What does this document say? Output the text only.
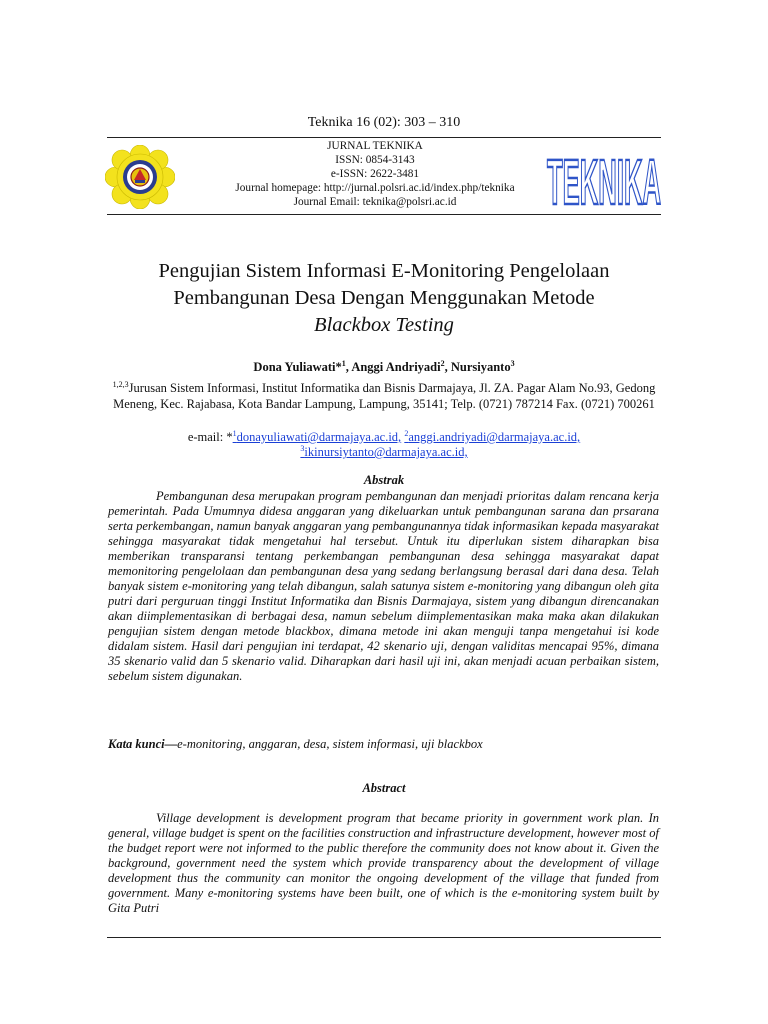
Teknika 16 (02): 303 – 310
JURNAL TEKNIKA
ISSN: 0854-3143
e-ISSN: 2622-3481
Journal homepage: http://jurnal.polsri.ac.id/index.php/teknika
Journal Email: teknika@polsri.ac.id	TEKNIKA
Pengujian Sistem Informasi E-Monitoring Pengelolaan
Pembangunan Desa Dengan Menggunakan Metode
Blackbox Testing
Dona Yuliawati*$^1$, Anggi Andriyadi$^2$, Nursiyanto$^3$
$^{1,2,3}$Jurusan Sistem Informasi, Institut Informatika dan Bisnis Darmajaya, Jl. ZA. Pagar Alam No.93, Gedong Meneng, Kec. Rajabasa, Kota Bandar Lampung, Lampung, 35141; Telp. (0721) 787214 Fax. (0721) 700261
e-mail: *$^1$donayuliawati@darmajaya.ac.id, $^2$anggi.andriyadi@darmajaya.ac.id,
$^3$ikinursiytanto@darmajaya.ac.id,
Abstrak
Pembangunan desa merupakan program pembangunan dan menjadi prioritas dalam rencana kerja pemerintah. Pada Umumnya didesa anggaran yang dikeluarkan untuk pembangunan sarana dan prsarana serta perkembangan, namun banyak anggaran yang pembangunannya tidak informasikan kepada masyarakat sehingga masyarakat tidak mengetahui hal tersebut. Untuk itu diperlukan sistem diharapkan bisa memberikan transparansi tentang perkembangan pembangunan desa sehingga masyarakat dapat memonitoring pengelolaan dan pembangunan desa yang sedang berlangsung berasal dari dana desa. Telah banyak sistem e-monitoring yang telah dibangun, salah satunya sistem e-monitoring yang dibangun oleh gita putri dari perguruan tinggi Institut Informatika dan Bisnis Darmajaya, sistem yang dibangun direncanakan akan diimplementasikan di berbagai desa, namun sebelum diimplementasikan maka maka akan dilakukan pengujian sistem dengan metode blackbox, dimana metode ini akan menguji tanpa mengetahui isi kode didalam sistem. Hasil dari pengujian ini terdapat, 42 skenario uji, dengan validitas mencapai 95%, dimana 35 skenario valid dan 5 skenario valid. Diharapkan dari hasil uji ini, akan menjadi acuan perbaikan sistem, sebelum sistem digunakan.
Kata kunci—e-monitoring, anggaran, desa, sistem informasi, uji blackbox
Abstract
Village development is development program that became priority in government work plan. In general, village budget is spent on the facilities construction and infrastructure development, however most of the budget report were not informed to the public therefore the community does not know about it. Given the background, government need the system which provide transparency about the development of village development thus the community can monitor the ongoing development of the village that funded from government. Many e-monitoring systems have been built, one of which is the e-monitoring system built by Gita Putri
